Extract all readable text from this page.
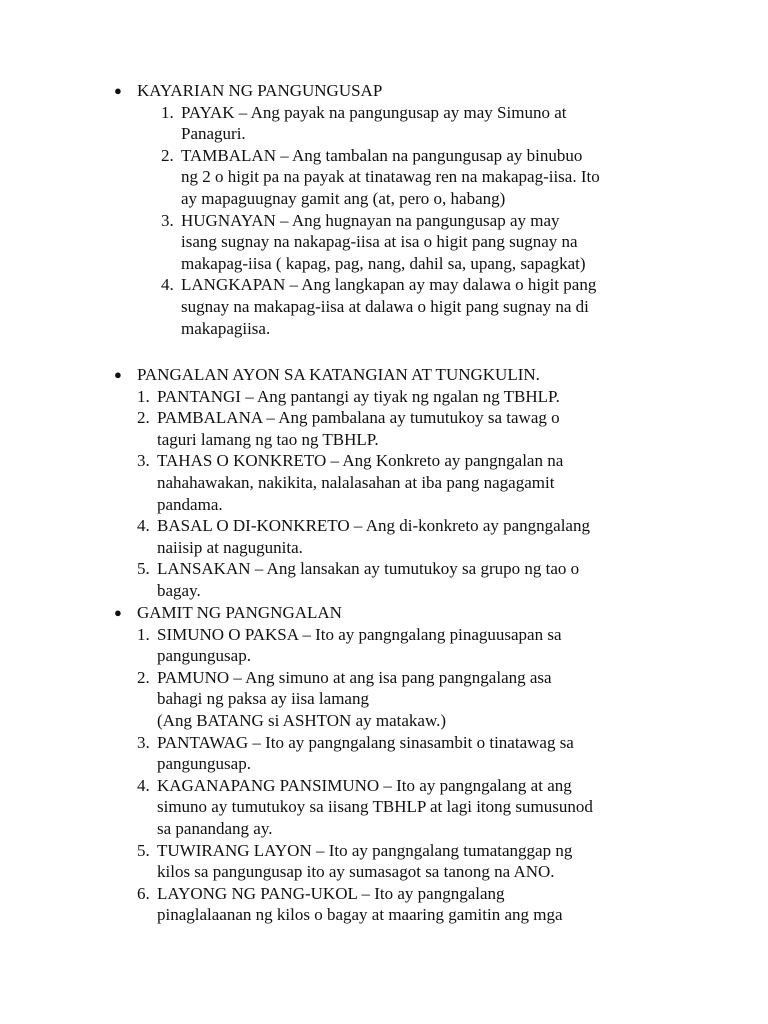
● KAYARIAN NG PANGUNGUSAP
1. PAYAK – Ang payak na pangungusap ay may Simuno at
Panaguri.
2. TAMBALAN – Ang tambalan na pangungusap ay binubuo
ng 2 o higit pa na payak at tinatawag ren na makapag-iisa. Ito
ay mapaguugnay gamit ang (at, pero o, habang)
3. HUGNAYAN – Ang hugnayan na pangungusap ay may
isang sugnay na nakapag-iisa at isa o higit pang sugnay na
makapag-iisa ( kapag, pag, nang, dahil sa, upang, sapagkat)
4. LANGKAPAN – Ang langkapan ay may dalawa o higit pang
sugnay na makapag-iisa at dalawa o higit pang sugnay na di
makapagiisa.
● PANGALAN AYON SA KATANGIAN AT TUNGKULIN.
1. PANTANGI – Ang pantangi ay tiyak ng ngalan ng TBHLP.
2. PAMBALANA – Ang pambalana ay tumutukoy sa tawag o
taguri lamang ng tao ng TBHLP.
3. TAHAS O KONKRETO – Ang Konkreto ay pangngalan na
nahahawakan, nakikita, nalalasahan at iba pang nagagamit
pandama.
4. BASAL O DI-KONKRETO – Ang di-konkreto ay pangngalang
naiisip at nagugunita.
5. LANSAKAN – Ang lansakan ay tumutukoy sa grupo ng tao o
bagay.
● GAMIT NG PANGNGALAN
1. SIMUNO O PAKSA – Ito ay pangngalang pinaguusapan sa
pangungusap.
2. PAMUNO – Ang simuno at ang isa pang pangngalang asa
bahagi ng paksa ay iisa lamang
(Ang BATANG si ASHTON ay matakaw.)
3. PANTAWAG – Ito ay pangngalang sinasambit o tinatawag sa
pangungusap.
4. KAGANAPANG PANSIMUNO – Ito ay pangngalang at ang
simuno ay tumutukoy sa iisang TBHLP at lagi itong sumusunod
sa panandang ay.
5. TUWIRANG LAYON – Ito ay pangngalang tumatanggap ng
kilos sa pangungusap ito ay sumasagot sa tanong na ANO.
6. LAYONG NG PANG-UKOL – Ito ay pangngalang
pinaglalaanan ng kilos o bagay at maaring gamitin ang mga
